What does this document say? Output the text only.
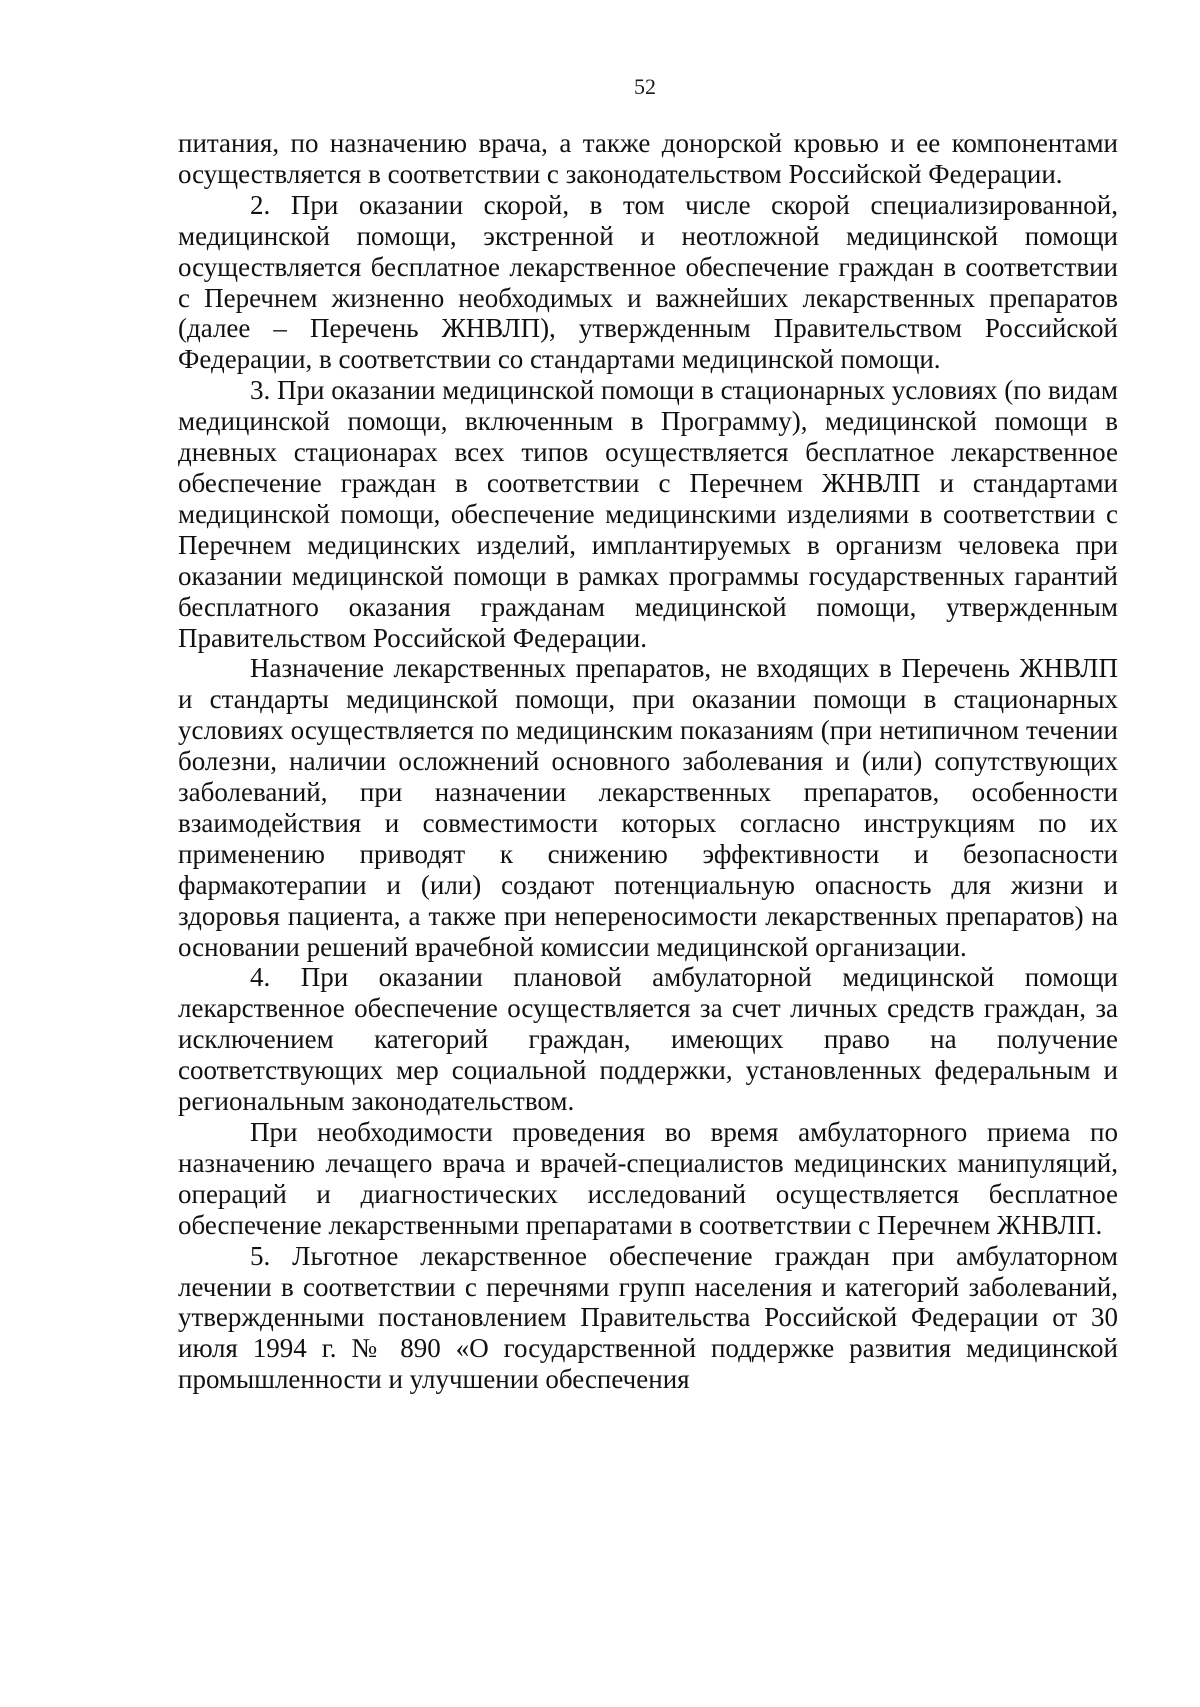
52

питания, по назначению врача, а также донорской кровью и ее компонентами осуществляется в соответствии с законодательством Российской Федерации.

2. При оказании скорой, в том числе скорой специализированной, медицинской помощи, экстренной и неотложной медицинской помощи осуществляется бесплатное лекарственное обеспечение граждан в соответствии с Перечнем жизненно необходимых и важнейших лекарственных препаратов (далее – Перечень ЖНВЛП), утвержденным Правительством Российской Федерации, в соответствии со стандартами медицинской помощи.

3. При оказании медицинской помощи в стационарных условиях (по видам медицинской помощи, включенным в Программу), медицинской помощи в дневных стационарах всех типов осуществляется бесплатное лекарственное обеспечение граждан в соответствии с Перечнем ЖНВЛП и стандартами медицинской помощи, обеспечение медицинскими изделиями в соответствии с Перечнем медицинских изделий, имплантируемых в организм человека при оказании медицинской помощи в рамках программы государственных гарантий бесплатного оказания гражданам медицинской помощи, утвержденным Правительством Российской Федерации.

Назначение лекарственных препаратов, не входящих в Перечень ЖНВЛП и стандарты медицинской помощи, при оказании помощи в стационарных условиях осуществляется по медицинским показаниям (при нетипичном течении болезни, наличии осложнений основного заболевания и (или) сопутствующих заболеваний, при назначении лекарственных препаратов, особенности взаимодействия и совместимости которых согласно инструкциям по их применению приводят к снижению эффективности и безопасности фармакотерапии и (или) создают потенциальную опасность для жизни и здоровья пациента, а также при непереносимости лекарственных препаратов) на основании решений врачебной комиссии медицинской организации.

4. При оказании плановой амбулаторной медицинской помощи лекарственное обеспечение осуществляется за счет личных средств граждан, за исключением категорий граждан, имеющих право на получение соответствующих мер социальной поддержки, установленных федеральным и региональным законодательством.

При необходимости проведения во время амбулаторного приема по назначению лечащего врача и врачей-специалистов медицинских манипуляций, операций и диагностических исследований осуществляется бесплатное обеспечение лекарственными препаратами в соответствии с Перечнем ЖНВЛП.

5. Льготное лекарственное обеспечение граждан при амбулаторном лечении в соответствии с перечнями групп населения и категорий заболеваний, утвержденными постановлением Правительства Российской Федерации от 30 июля 1994 г. № 890 «О государственной поддержке развития медицинской промышленности и улучшении обеспечения
